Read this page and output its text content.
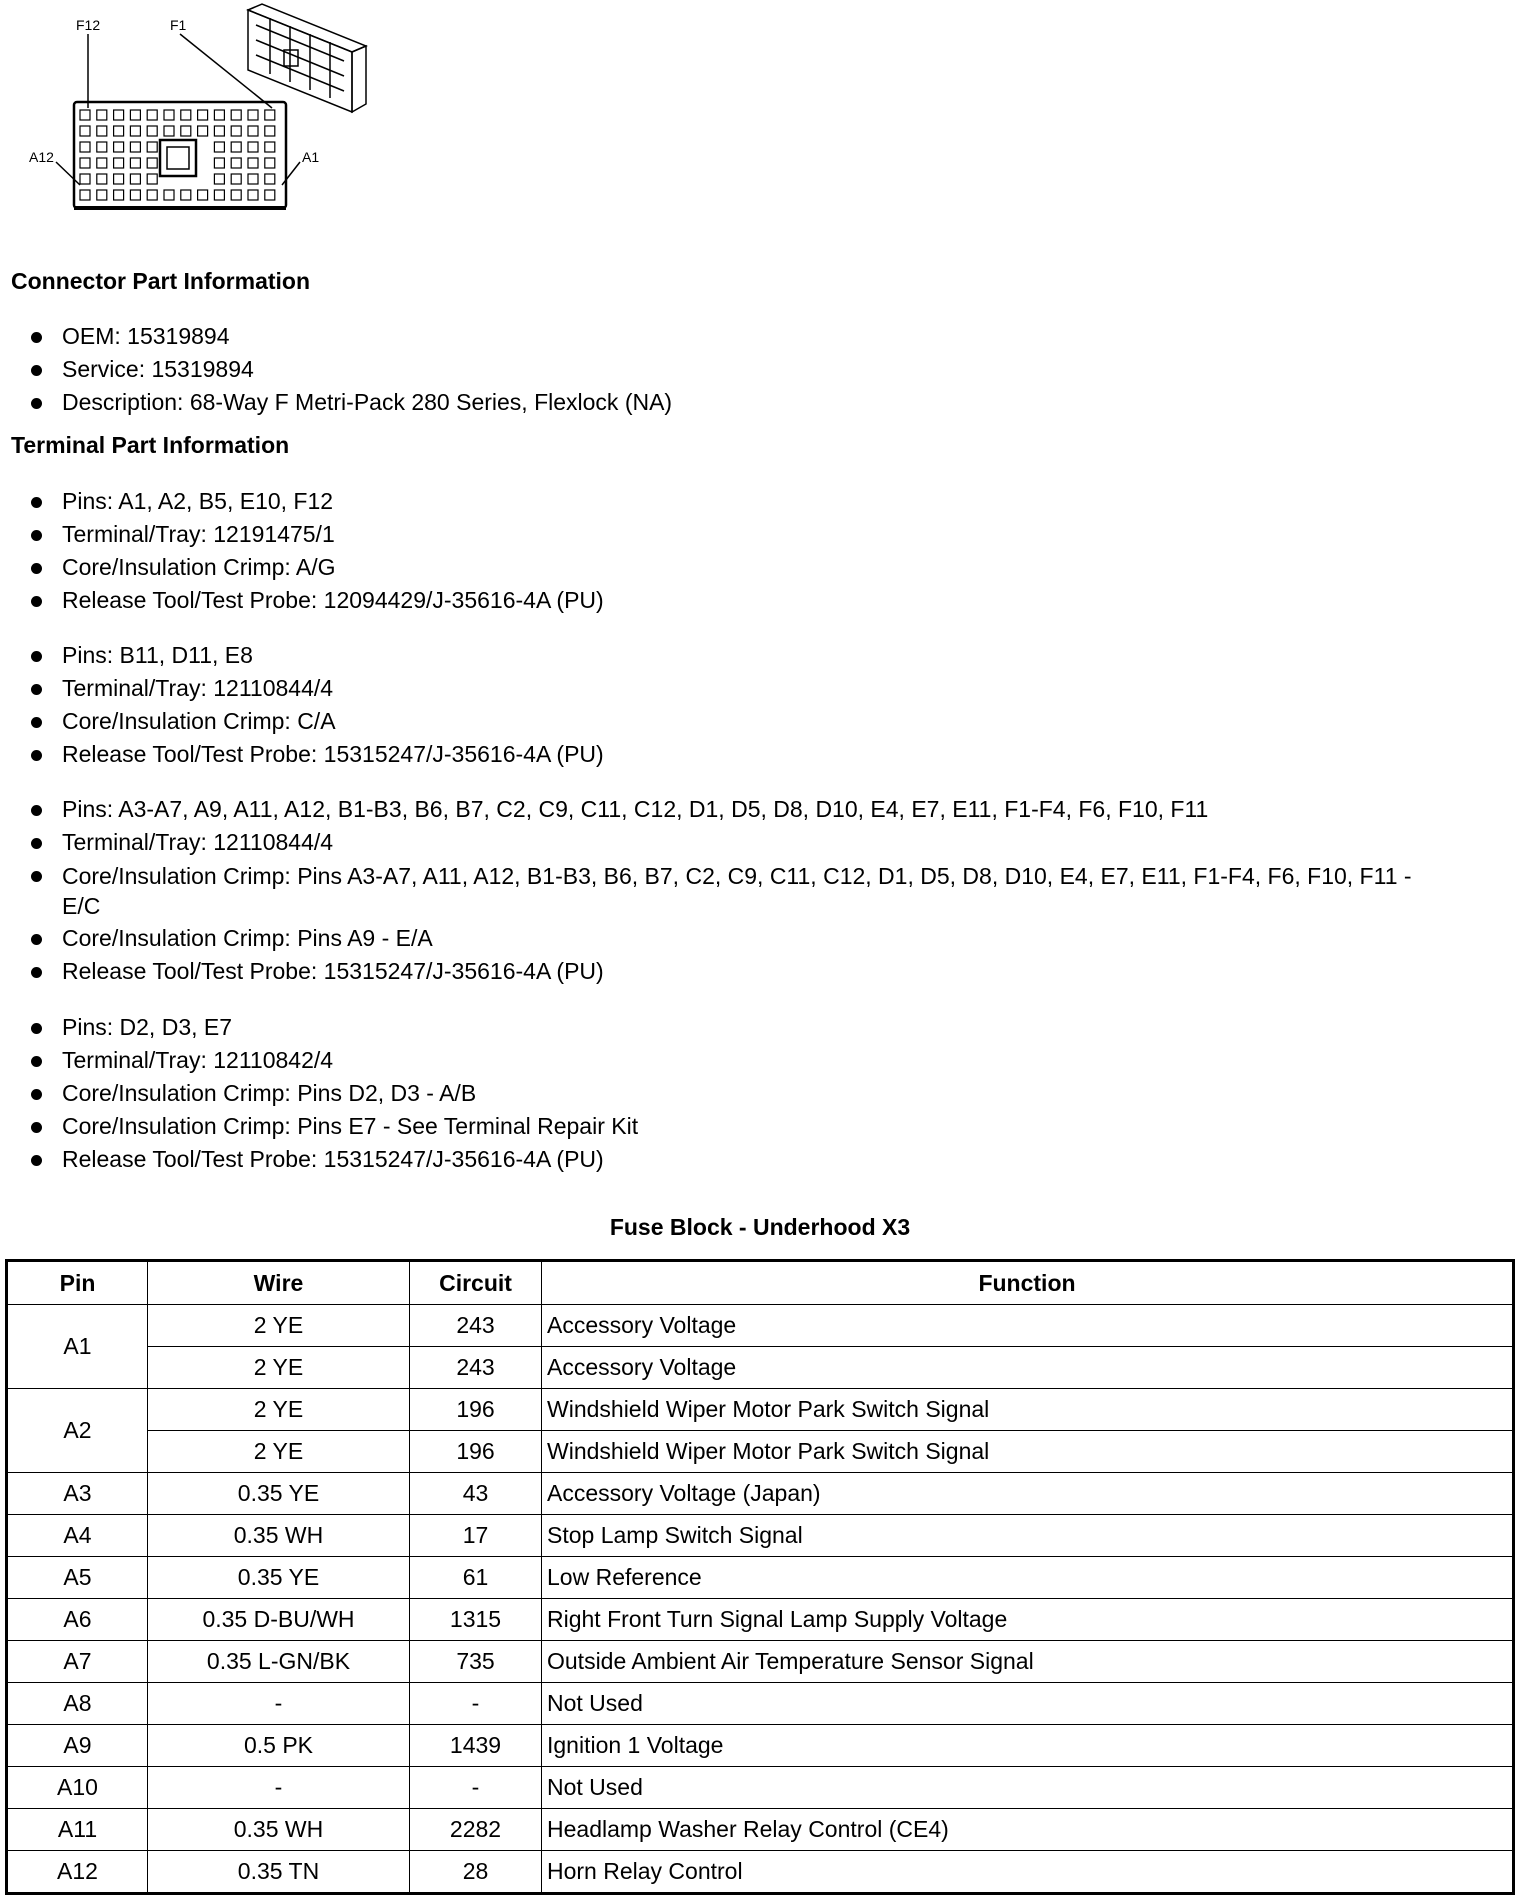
F12	F1
A12	A1
Connector Part Information
OEM: 15319894
Service: 15319894
Description: 68-Way F Metri-Pack 280 Series, Flexlock (NA)
Terminal Part Information
Pins: A1, A2, B5, E10, F12
Terminal/Tray: 12191475/1
Core/Insulation Crimp: A/G
Release Tool/Test Probe: 12094429/J-35616-4A (PU)
Pins: B11, D11, E8
Terminal/Tray: 12110844/4
Core/Insulation Crimp: C/A
Release Tool/Test Probe: 15315247/J-35616-4A (PU)
Pins: A3-A7, A9, A11, A12, B1-B3, B6, B7, C2, C9, C11, C12, D1, D5, D8, D10, E4, E7, E11, F1-F4, F6, F10, F11
Terminal/Tray: 12110844/4
Core/Insulation Crimp: Pins A3-A7, A11, A12, B1-B3, B6, B7, C2, C9, C11, C12, D1, D5, D8, D10, E4, E7, E11, F1-F4, F6, F10, F11 - E/C
Core/Insulation Crimp: Pins A9 - E/A
Release Tool/Test Probe: 15315247/J-35616-4A (PU)
Pins: D2, D3, E7
Terminal/Tray: 12110842/4
Core/Insulation Crimp: Pins D2, D3 - A/B
Core/Insulation Crimp: Pins E7 - See Terminal Repair Kit
Release Tool/Test Probe: 15315247/J-35616-4A (PU)
Fuse Block - Underhood X3
Pin	Wire	Circuit	Function
A1	2 YE	243	Accessory Voltage
	2 YE	243	Accessory Voltage
A2	2 YE	196	Windshield Wiper Motor Park Switch Signal
	2 YE	196	Windshield Wiper Motor Park Switch Signal
A3	0.35 YE	43	Accessory Voltage (Japan)
A4	0.35 WH	17	Stop Lamp Switch Signal
A5	0.35 YE	61	Low Reference
A6	0.35 D-BU/WH	1315	Right Front Turn Signal Lamp Supply Voltage
A7	0.35 L-GN/BK	735	Outside Ambient Air Temperature Sensor Signal
A8	-	-	Not Used
A9	0.5 PK	1439	Ignition 1 Voltage
A10	-	-	Not Used
A11	0.35 WH	2282	Headlamp Washer Relay Control (CE4)
A12	0.35 TN	28	Horn Relay Control
